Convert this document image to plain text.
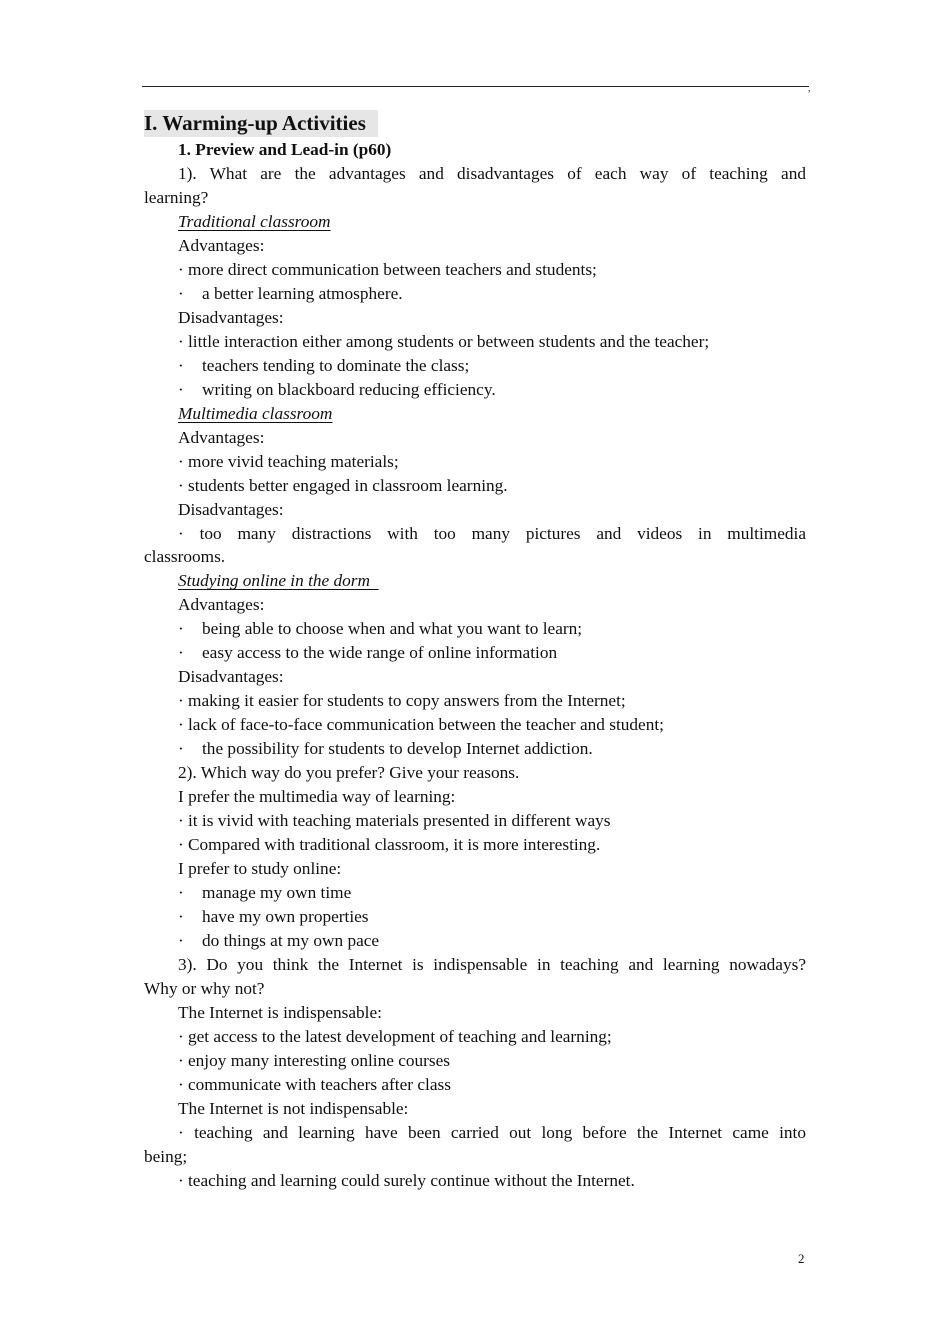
,
I. Warming-up Activities
1. Preview and Lead-in (p60)
1). What are the advantages and disadvantages of each way of teaching and
learning?
Traditional classroom
Advantages:
· more direct communication between teachers and students;
· a better learning atmosphere.
Disadvantages:
· little interaction either among students or between students and the teacher;
· teachers tending to dominate the class;
· writing on blackboard reducing efficiency.
Multimedia classroom
Advantages:
· more vivid teaching materials;
· students better engaged in classroom learning.
Disadvantages:
· too many distractions with too many pictures and videos in multimedia
classrooms.
Studying online in the dorm
Advantages:
· being able to choose when and what you want to learn;
· easy access to the wide range of online information
Disadvantages:
· making it easier for students to copy answers from the Internet;
· lack of face-to-face communication between the teacher and student;
· the possibility for students to develop Internet addiction.
2). Which way do you prefer? Give your reasons.
I prefer the multimedia way of learning:
· it is vivid with teaching materials presented in different ways
· Compared with traditional classroom, it is more interesting.
I prefer to study online:
· manage my own time
· have my own properties
· do things at my own pace
3). Do you think the Internet is indispensable in teaching and learning nowadays?
Why or why not?
The Internet is indispensable:
· get access to the latest development of teaching and learning;
· enjoy many interesting online courses
· communicate with teachers after class
The Internet is not indispensable:
· teaching and learning have been carried out long before the Internet came into
being;
· teaching and learning could surely continue without the Internet.
2
